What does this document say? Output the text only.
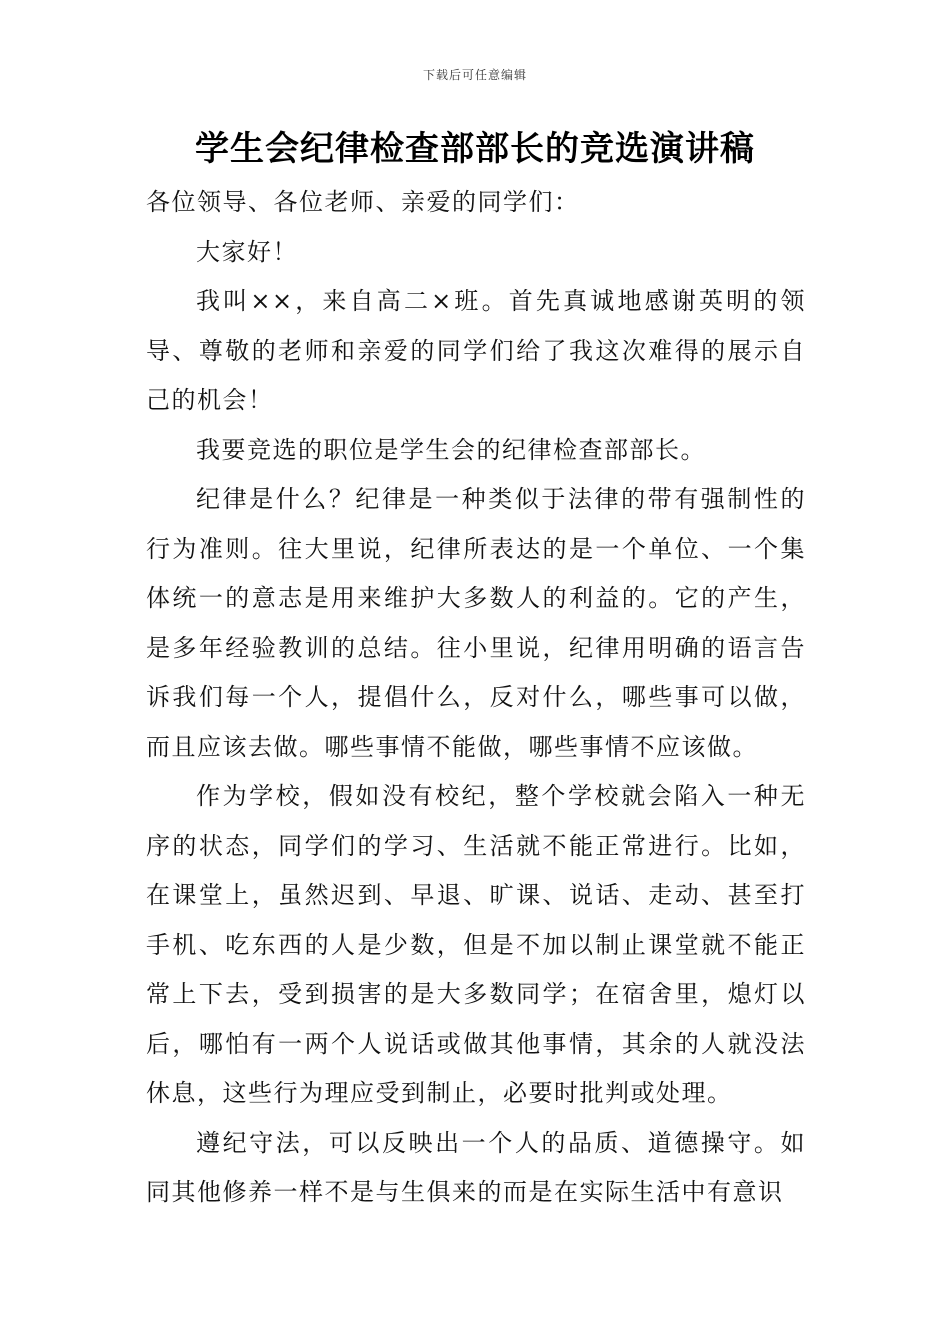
下载后可任意编辑
学生会纪律检查部部长的竞选演讲稿

各位领导、各位老师、亲爱的同学们：

大家好！

我叫××，来自高二×班。首先真诚地感谢英明的领导、尊敬的老师和亲爱的同学们给了我这次难得的展示自己的机会！

我要竞选的职位是学生会的纪律检查部部长。

纪律是什么？纪律是一种类似于法律的带有强制性的行为准则。往大里说，纪律所表达的是一个单位、一个集体统一的意志是用来维护大多数人的利益的。它的产生，是多年经验教训的总结。往小里说，纪律用明确的语言告诉我们每一个人，提倡什么，反对什么，哪些事可以做，而且应该去做。哪些事情不能做，哪些事情不应该做。

作为学校，假如没有校纪，整个学校就会陷入一种无序的状态，同学们的学习、生活就不能正常进行。比如，在课堂上，虽然迟到、早退、旷课、说话、走动、甚至打手机、吃东西的人是少数，但是不加以制止课堂就不能正常上下去，受到损害的是大多数同学；在宿舍里，熄灯以后，哪怕有一两个人说话或做其他事情，其余的人就没法休息，这些行为理应受到制止，必要时批判或处理。

遵纪守法，可以反映出一个人的品质、道德操守。如同其他修养一样不是与生俱来的而是在实际生活中有意识
